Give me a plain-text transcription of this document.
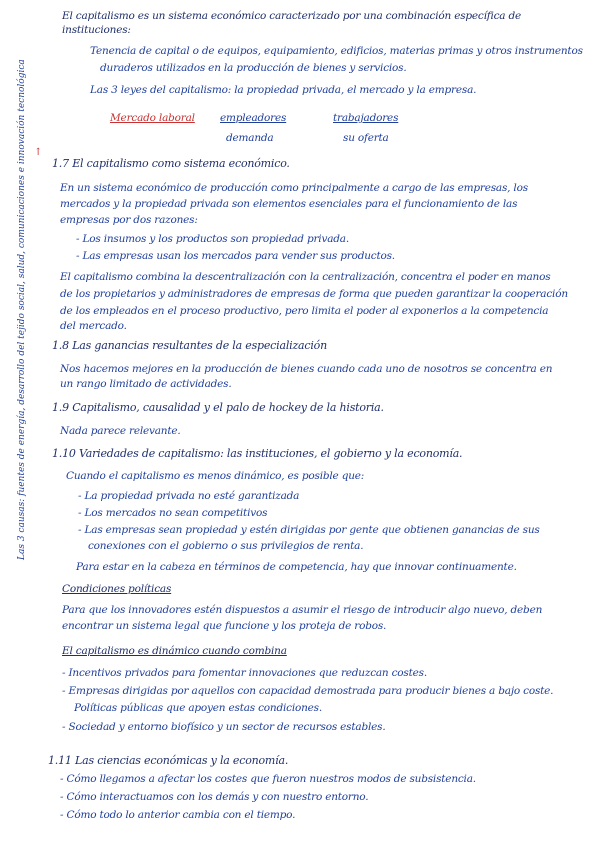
El capitalismo es un sistema económico caracterizado por una combinación específica de
instituciones:
Tenencia de capital o de equipos, equipamiento, edificios, materias primas y otros instrumentos
duraderos utilizados en la producción de bienes y servicios.
Las 3 leyes del capitalismo: la propiedad privada, el mercado y la empresa.
Mercado laboral empleadores	trabajadores
demanda	su oferta
1.7 El capitalismo como sistema económico.
En un sistema económico de producción como principalmente a cargo de las empresas, los
mercados y la propiedad privada son elementos esenciales para el funcionamiento de las
empresas por dos razones:
- Los insumos y los productos son propiedad privada.
- Las empresas usan los mercados para vender sus productos.
El capitalismo combina la descentralización con la centralización, concentra el poder en manos
de los propietarios y administradores de empresas de forma que pueden garantizar la cooperación
de los empleados en el proceso productivo, pero limita el poder al exponerlos a la competencia
del mercado.
1.8 Las ganancias resultantes de la especialización
Nos hacemos mejores en la producción de bienes cuando cada uno de nosotros se concentra en
un rango limitado de actividades.
1.9 Capitalismo, causalidad y el palo de hockey de la historia.
Nada parece relevante.
1.10 Variedades de capitalismo: las instituciones, el gobierno y la economía.
Cuando el capitalismo es menos dinámico, es posible que:
- La propiedad privada no esté garantizada
- Los mercados no sean competitivos
- Las empresas sean propiedad y estén dirigidas por gente que obtienen ganancias de sus
conexiones con el gobierno o sus privilegios de renta.
Para estar en la cabeza en términos de competencia, hay que innovar continuamente.
Condiciones políticas
Para que los innovadores estén dispuestos a asumir el riesgo de introducir algo nuevo, deben
encontrar un sistema legal que funcione y los proteja de robos.
El capitalismo es dinámico cuando combina
- Incentivos privados para fomentar innovaciones que reduzcan costes.
- Empresas dirigidas por aquellos con capacidad demostrada para producir bienes a bajo coste.
Políticas públicas que apoyen estas condiciones.
- Sociedad y entorno biofísico y un sector de recursos estables.
1.11 Las ciencias económicas y la economía.
- Cómo llegamos a afectar los costes que fueron nuestros modos de subsistencia.
- Cómo interactuamos con los demás y con nuestro entorno.
- Cómo todo lo anterior cambia con el tiempo.
Las 3 causas: fuentes de energía, desarrollo del tejido social, salud, comunicaciones e innovación tecnológica ↑
